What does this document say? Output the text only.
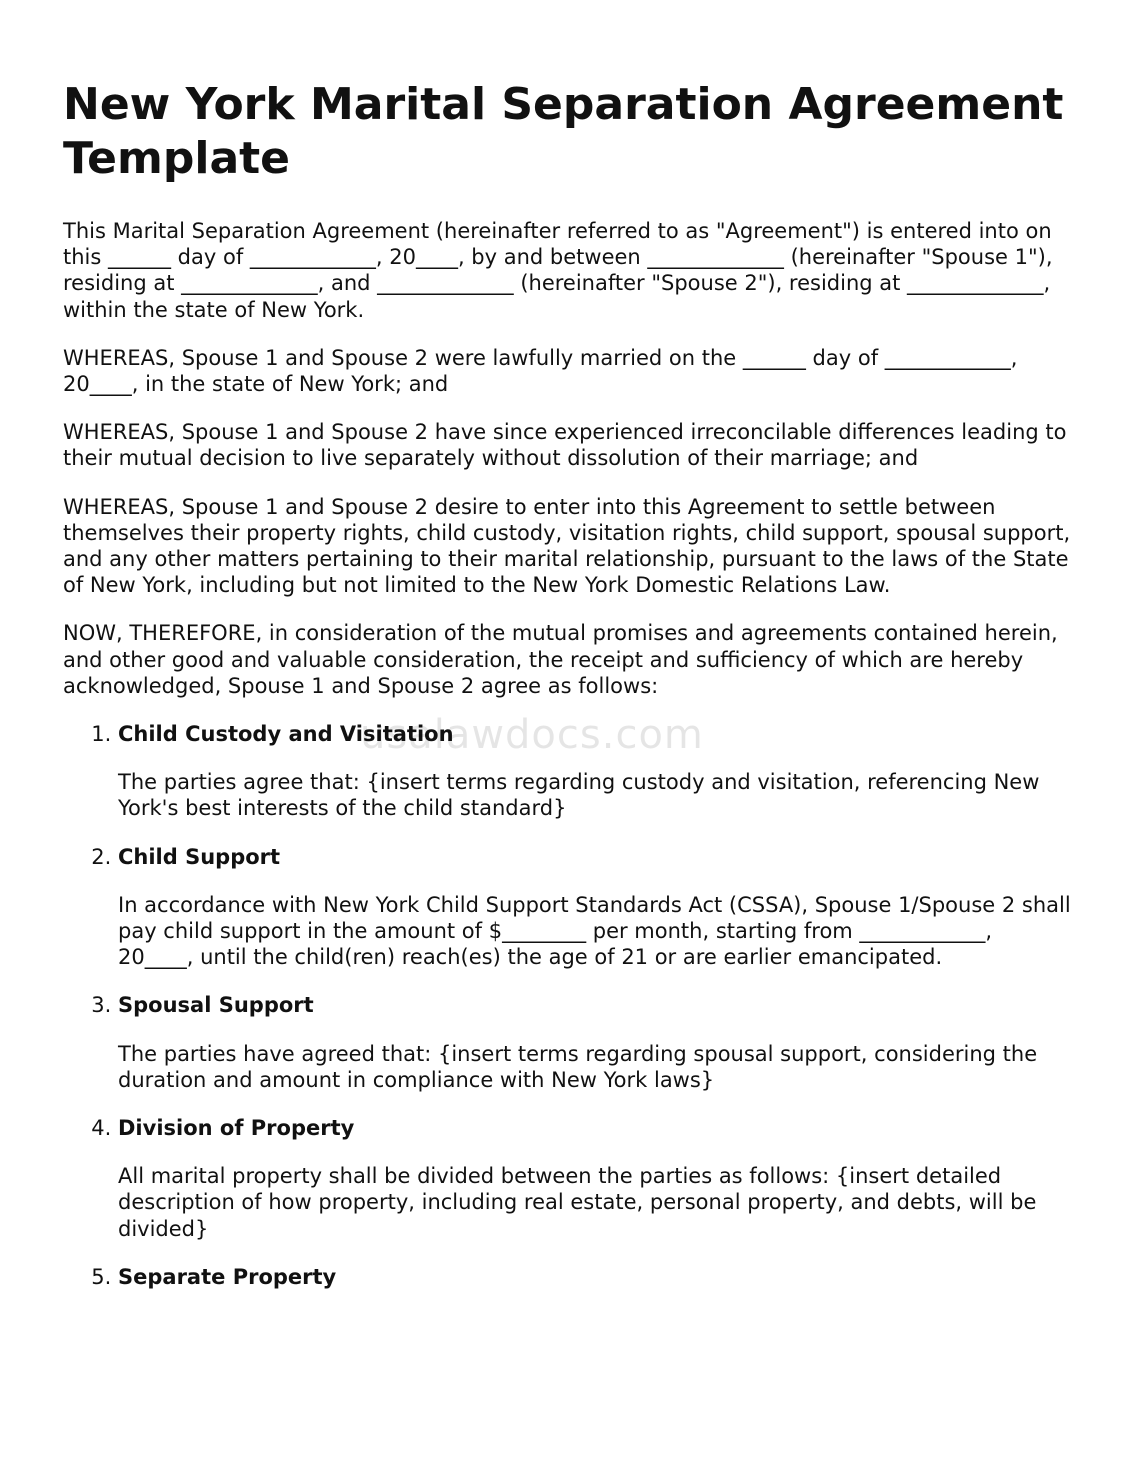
New York Marital Separation Agreement Template

This Marital Separation Agreement (hereinafter referred to as "Agreement") is entered into on this ______ day of ____________, 20____, by and between _____________ (hereinafter "Spouse 1"), residing at _____________, and _____________ (hereinafter "Spouse 2"), residing at _____________, within the state of New York.

WHEREAS, Spouse 1 and Spouse 2 were lawfully married on the ______ day of ____________, 20____, in the state of New York; and

WHEREAS, Spouse 1 and Spouse 2 have since experienced irreconcilable differences leading to their mutual decision to live separately without dissolution of their marriage; and

WHEREAS, Spouse 1 and Spouse 2 desire to enter into this Agreement to settle between themselves their property rights, child custody, visitation rights, child support, spousal support, and any other matters pertaining to their marital relationship, pursuant to the laws of the State of New York, including but not limited to the New York Domestic Relations Law.

NOW, THEREFORE, in consideration of the mutual promises and agreements contained herein, and other good and valuable consideration, the receipt and sufficiency of which are hereby acknowledged, Spouse 1 and Spouse 2 agree as follows:

1. Child Custody and Visitation

The parties agree that: {insert terms regarding custody and visitation, referencing New York's best interests of the child standard}

2. Child Support

In accordance with New York Child Support Standards Act (CSSA), Spouse 1/Spouse 2 shall pay child support in the amount of $________ per month, starting from ____________, 20____, until the child(ren) reach(es) the age of 21 or are earlier emancipated.

3. Spousal Support

The parties have agreed that: {insert terms regarding spousal support, considering the duration and amount in compliance with New York laws}

4. Division of Property

All marital property shall be divided between the parties as follows: {insert detailed description of how property, including real estate, personal property, and debts, will be divided}

5. Separate Property
usalawdocs.com
